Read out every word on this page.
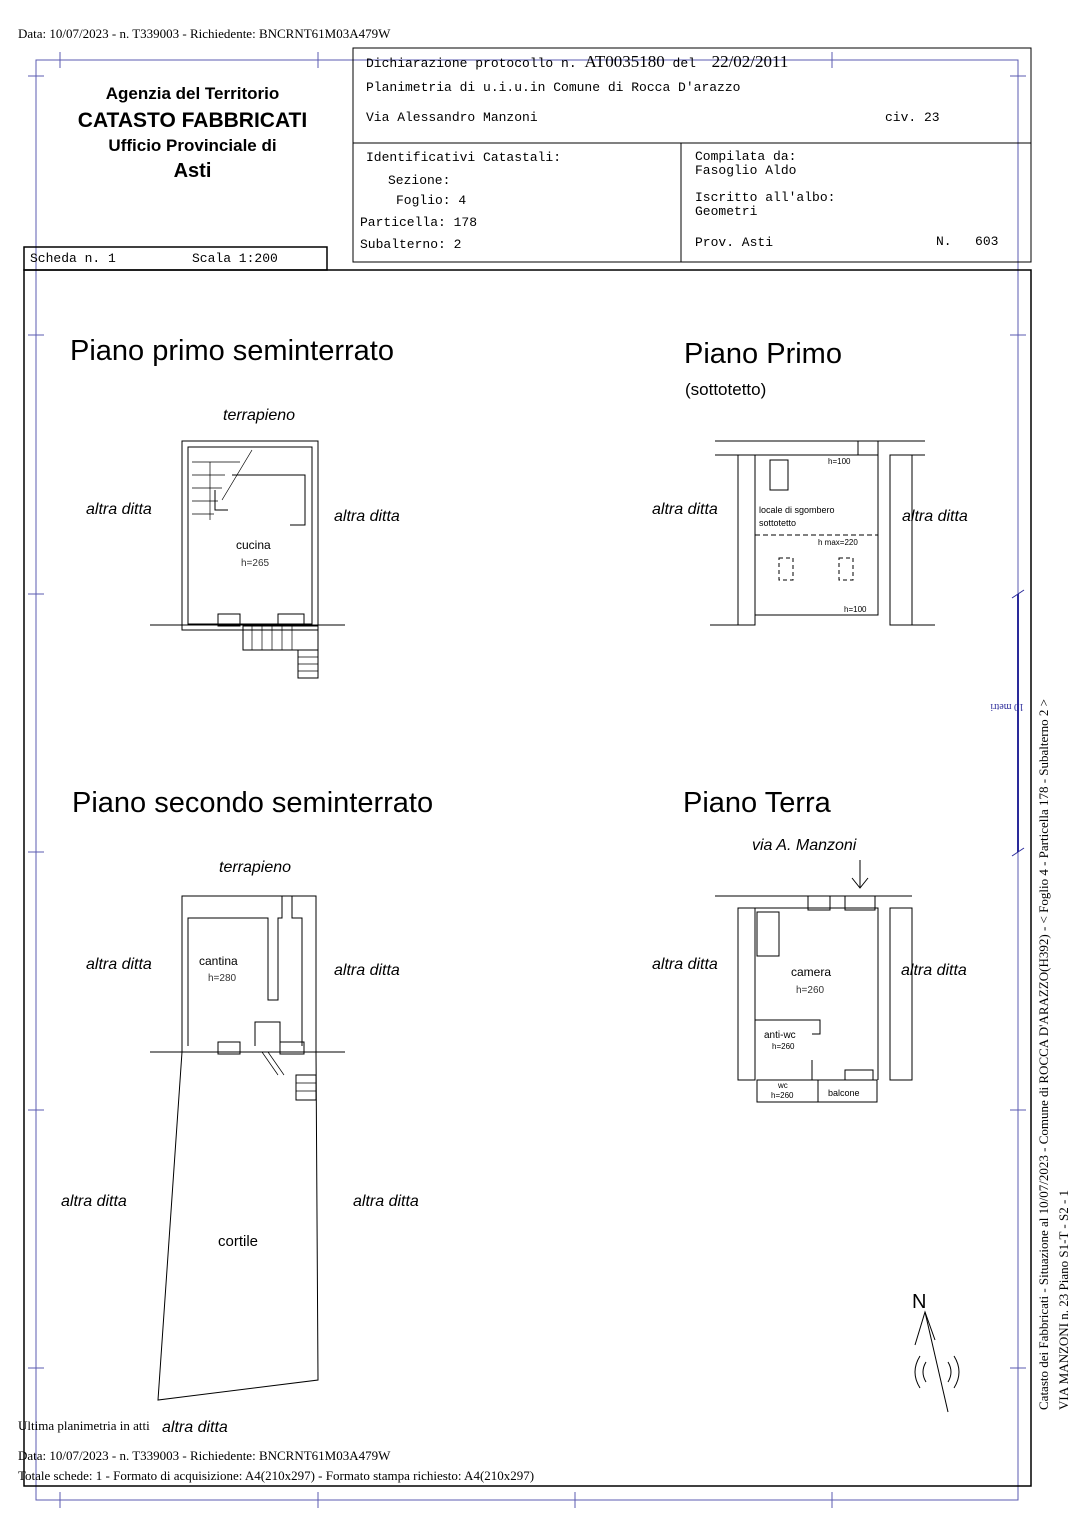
Data: 10/07/2023 - n. T339003 - Richiedente: BNCRNT61M03A479W
10 metri
N	Catasto dei Fabbricati - Situazione al 10/07/2023 - Comune di ROCCA D'ARAZZO(H392) - < Foglio 4 - Particella 178 - Subalterno 2 > VIA MANZONI n. 23 Piano S1-T - S2 - 1
Agenzia del Territorio
CATASTO FABBRICATI
Ufficio Provinciale di
Asti
Dichiarazione protocollo n. AT0035180 del 22/02/2011
Planimetria di u.i.u.in Comune di Rocca D'arazzo
Via Alessandro Manzoni	civ. 23
Identificativi Catastali:
Sezione:
Foglio: 4
Particella: 178
Subalterno: 2
Compilata da:
Fasoglio Aldo
Iscritto all'albo:
Geometri
Prov. Asti	N. 603
Scheda n. 1	Scala 1:200
Piano primo seminterrato
terrapieno
altra ditta	altra ditta
cucina
h=265
Piano Primo
(sottotetto)
altra ditta	altra ditta
locale di sgombero
sottotetto
h=100
h max=220
h=100
Piano secondo seminterrato
terrapieno
altra ditta	altra ditta
cantina
h=280
altra ditta	altra ditta
cortile
altra ditta
Piano Terra
via A. Manzoni
altra ditta	altra ditta
camera
h=260
anti-wc
h=260
wc
h=260	balcone
Ultima planimetria in atti
Data: 10/07/2023 - n. T339003 - Richiedente: BNCRNT61M03A479W
Totale schede: 1 - Formato di acquisizione: A4(210x297) - Formato stampa richiesto: A4(210x297)
